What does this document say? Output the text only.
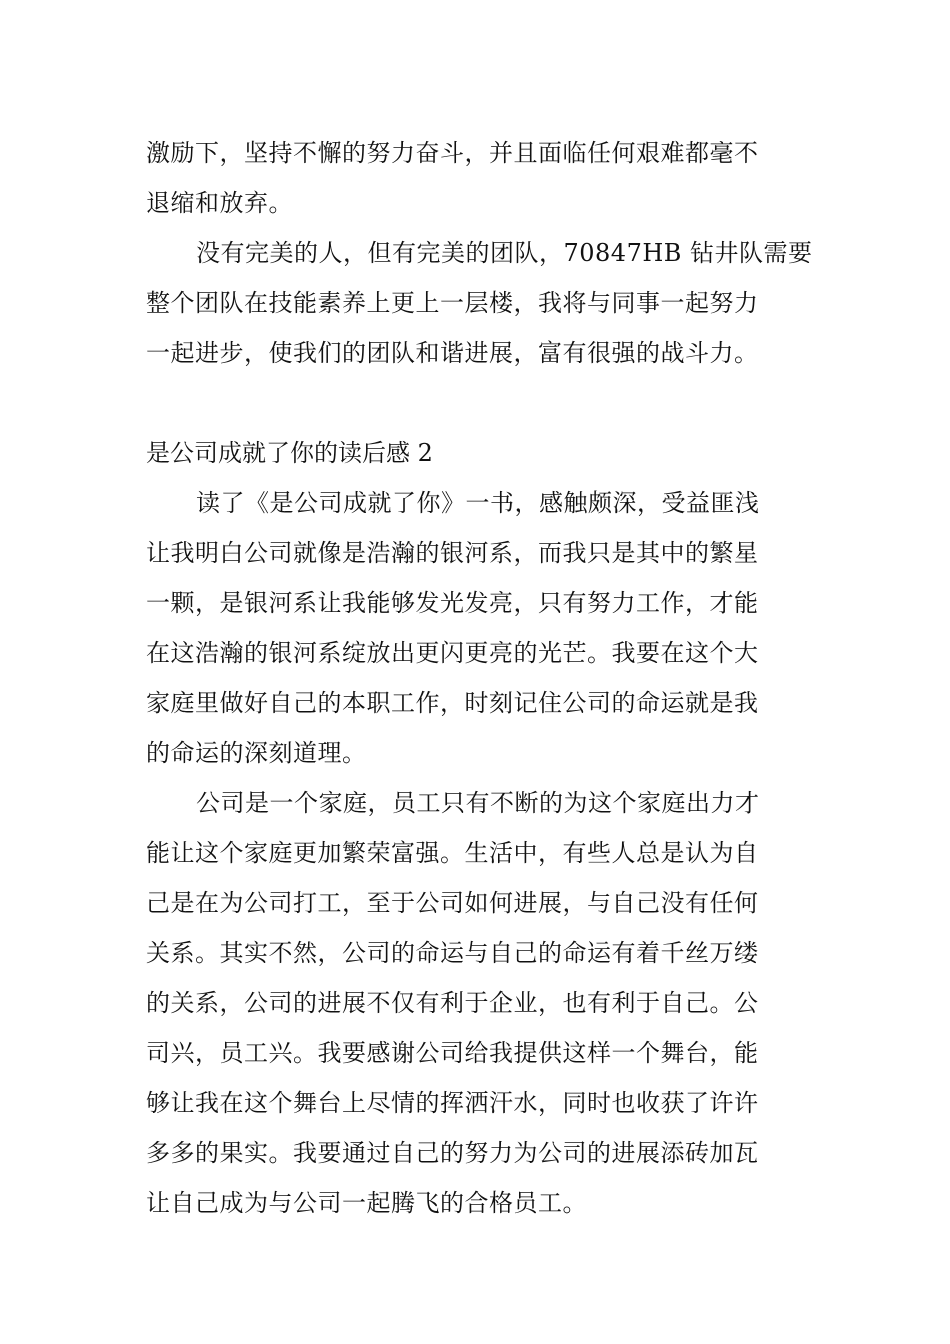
激励下，坚持不懈的努力奋斗，并且面临任何艰难都毫不
退缩和放弃。
没有完美的人，但有完美的团队，70847HB 钻井队需要
整个团队在技能素养上更上一层楼，我将与同事一起努力
一起进步，使我们的团队和谐进展，富有很强的战斗力。
是公司成就了你的读后感 2
读了《是公司成就了你》一书，感触颇深，受益匪浅
让我明白公司就像是浩瀚的银河系，而我只是其中的繁星
一颗，是银河系让我能够发光发亮，只有努力工作，才能
在这浩瀚的银河系绽放出更闪更亮的光芒。我要在这个大
家庭里做好自己的本职工作，时刻记住公司的命运就是我
的命运的深刻道理。
公司是一个家庭，员工只有不断的为这个家庭出力才
能让这个家庭更加繁荣富强。生活中，有些人总是认为自
己是在为公司打工，至于公司如何进展，与自己没有任何
关系。其实不然，公司的命运与自己的命运有着千丝万缕
的关系，公司的进展不仅有利于企业，也有利于自己。公
司兴，员工兴。我要感谢公司给我提供这样一个舞台，能
够让我在这个舞台上尽情的挥洒汗水，同时也收获了许许
多多的果实。我要通过自己的努力为公司的进展添砖加瓦
让自己成为与公司一起腾飞的合格员工。
